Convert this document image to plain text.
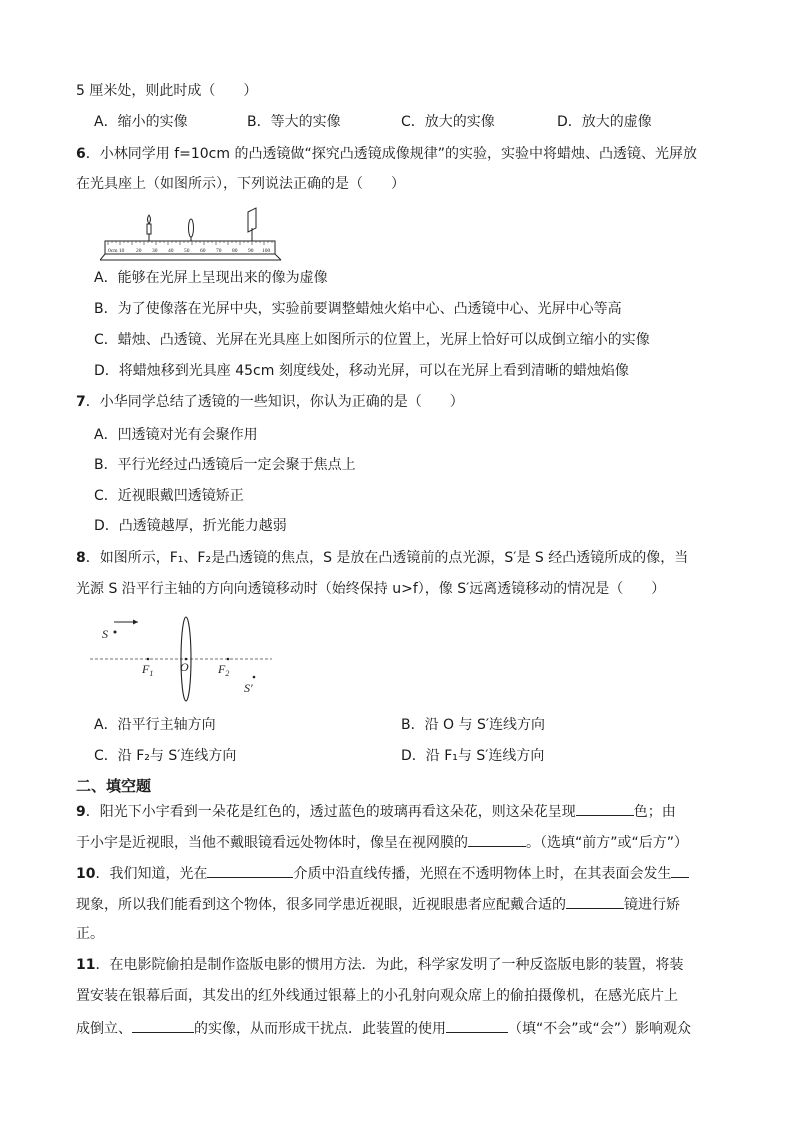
5 厘米处，则此时成（　　）
A．缩小的实像	B．等大的实像	C．放大的实像	D．放大的虚像
6．小林同学用 f=10cm 的凸透镜做“探究凸透镜成像规律”的实验，实验中将蜡烛、凸透镜、光屏放
在光具座上（如图所示），下列说法正确的是（　　）
0cm 10 20 30 40 50 60 70 80 90 100
A．能够在光屏上呈现出来的像为虚像
B．为了使像落在光屏中央，实验前要调整蜡烛火焰中心、凸透镜中心、光屏中心等高
C．蜡烛、凸透镜、光屏在光具座上如图所示的位置上，光屏上恰好可以成倒立缩小的实像
D．将蜡烛移到光具座 45cm 刻度线处，移动光屏，可以在光屏上看到清晰的蜡烛焰像
7．小华同学总结了透镜的一些知识，你认为正确的是（　　）
A．凹透镜对光有会聚作用
B．平行光经过凸透镜后一定会聚于焦点上
C．近视眼戴凹透镜矫正
D．凸透镜越厚，折光能力越弱
8．如图所示，F₁、F₂是凸透镜的焦点，S 是放在凸透镜前的点光源，S′是 S 经凸透镜所成的像，当
光源 S 沿平行主轴的方向向透镜移动时（始终保持 u>f），像 S′远离透镜移动的情况是（　　）
S
$F_1$ O $F_2$
S′
A．沿平行主轴方向	B．沿 O 与 S′连线方向
C．沿 F₂与 S′连线方向	D．沿 F₁与 S′连线方向
二、填空题
9．阳光下小宇看到一朵花是红色的，透过蓝色的玻璃再看这朵花，则这朵花呈现	色；由
于小宇是近视眼，当他不戴眼镜看远处物体时，像呈在视网膜的	。（选填“前方”或“后方”）
10．我们知道，光在	介质中沿直线传播，光照在不透明物体上时，在其表面会发生
现象，所以我们能看到这个物体，很多同学患近视眼，近视眼患者应配戴合适的	镜进行矫
正。
11．在电影院偷拍是制作盗版电影的惯用方法．为此，科学家发明了一种反盗版电影的装置，将装
置安装在银幕后面，其发出的红外线通过银幕上的小孔射向观众席上的偷拍摄像机，在感光底片上
成倒立、	的实像，从而形成干扰点．此装置的使用	（填“不会”或“会”）影响观众
